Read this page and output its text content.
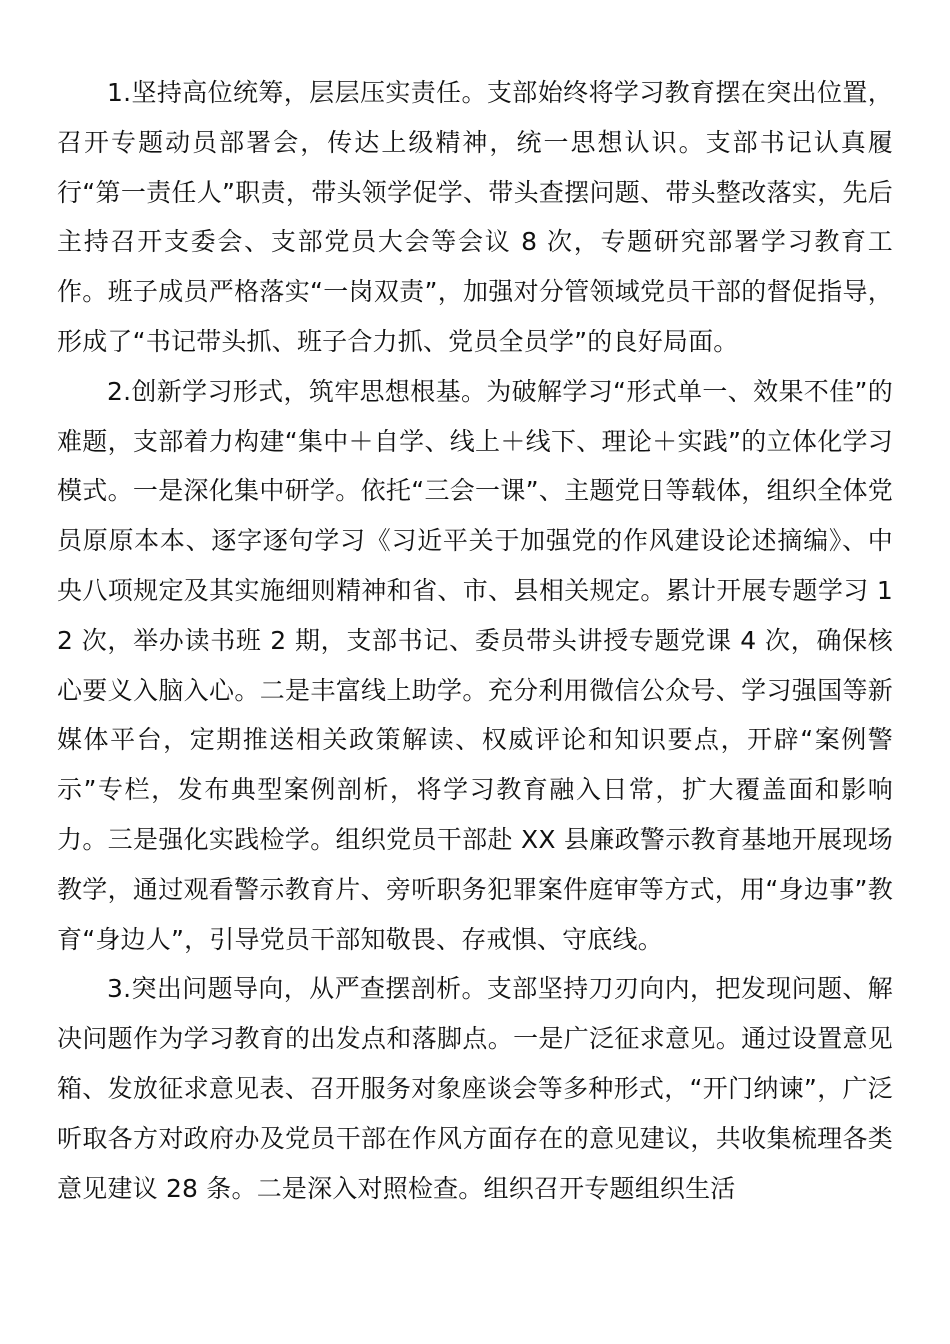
1.坚持高位统筹，层层压实责任。支部始终将学习教育摆在突出位置，召开专题动员部署会，传达上级精神，统一思想认识。支部书记认真履行“第一责任人”职责，带头领学促学、带头查摆问题、带头整改落实，先后主持召开支委会、支部党员大会等会议 8 次，专题研究部署学习教育工作。班子成员严格落实“一岗双责”，加强对分管领域党员干部的督促指导，形成了“书记带头抓、班子合力抓、党员全员学”的良好局面。

2.创新学习形式，筑牢思想根基。为破解学习“形式单一、效果不佳”的难题，支部着力构建“集中＋自学、线上＋线下、理论＋实践”的立体化学习模式。一是深化集中研学。依托“三会一课”、主题党日等载体，组织全体党员原原本本、逐字逐句学习《习近平关于加强党的作风建设论述摘编》、中央八项规定及其实施细则精神和省、市、县相关规定。累计开展专题学习 12 次，举办读书班 2 期，支部书记、委员带头讲授专题党课 4 次，确保核心要义入脑入心。二是丰富线上助学。充分利用微信公众号、学习强国等新媒体平台，定期推送相关政策解读、权威评论和知识要点，开辟“案例警示”专栏，发布典型案例剖析，将学习教育融入日常，扩大覆盖面和影响力。三是强化实践检学。组织党员干部赴 XX 县廉政警示教育基地开展现场教学，通过观看警示教育片、旁听职务犯罪案件庭审等方式，用“身边事”教育“身边人”，引导党员干部知敬畏、存戒惧、守底线。

3.突出问题导向，从严查摆剖析。支部坚持刀刃向内，把发现问题、解决问题作为学习教育的出发点和落脚点。一是广泛征求意见。通过设置意见箱、发放征求意见表、召开服务对象座谈会等多种形式，“开门纳谏”，广泛听取各方对政府办及党员干部在作风方面存在的意见建议，共收集梳理各类意见建议 28 条。二是深入对照检查。组织召开专题组织生活
